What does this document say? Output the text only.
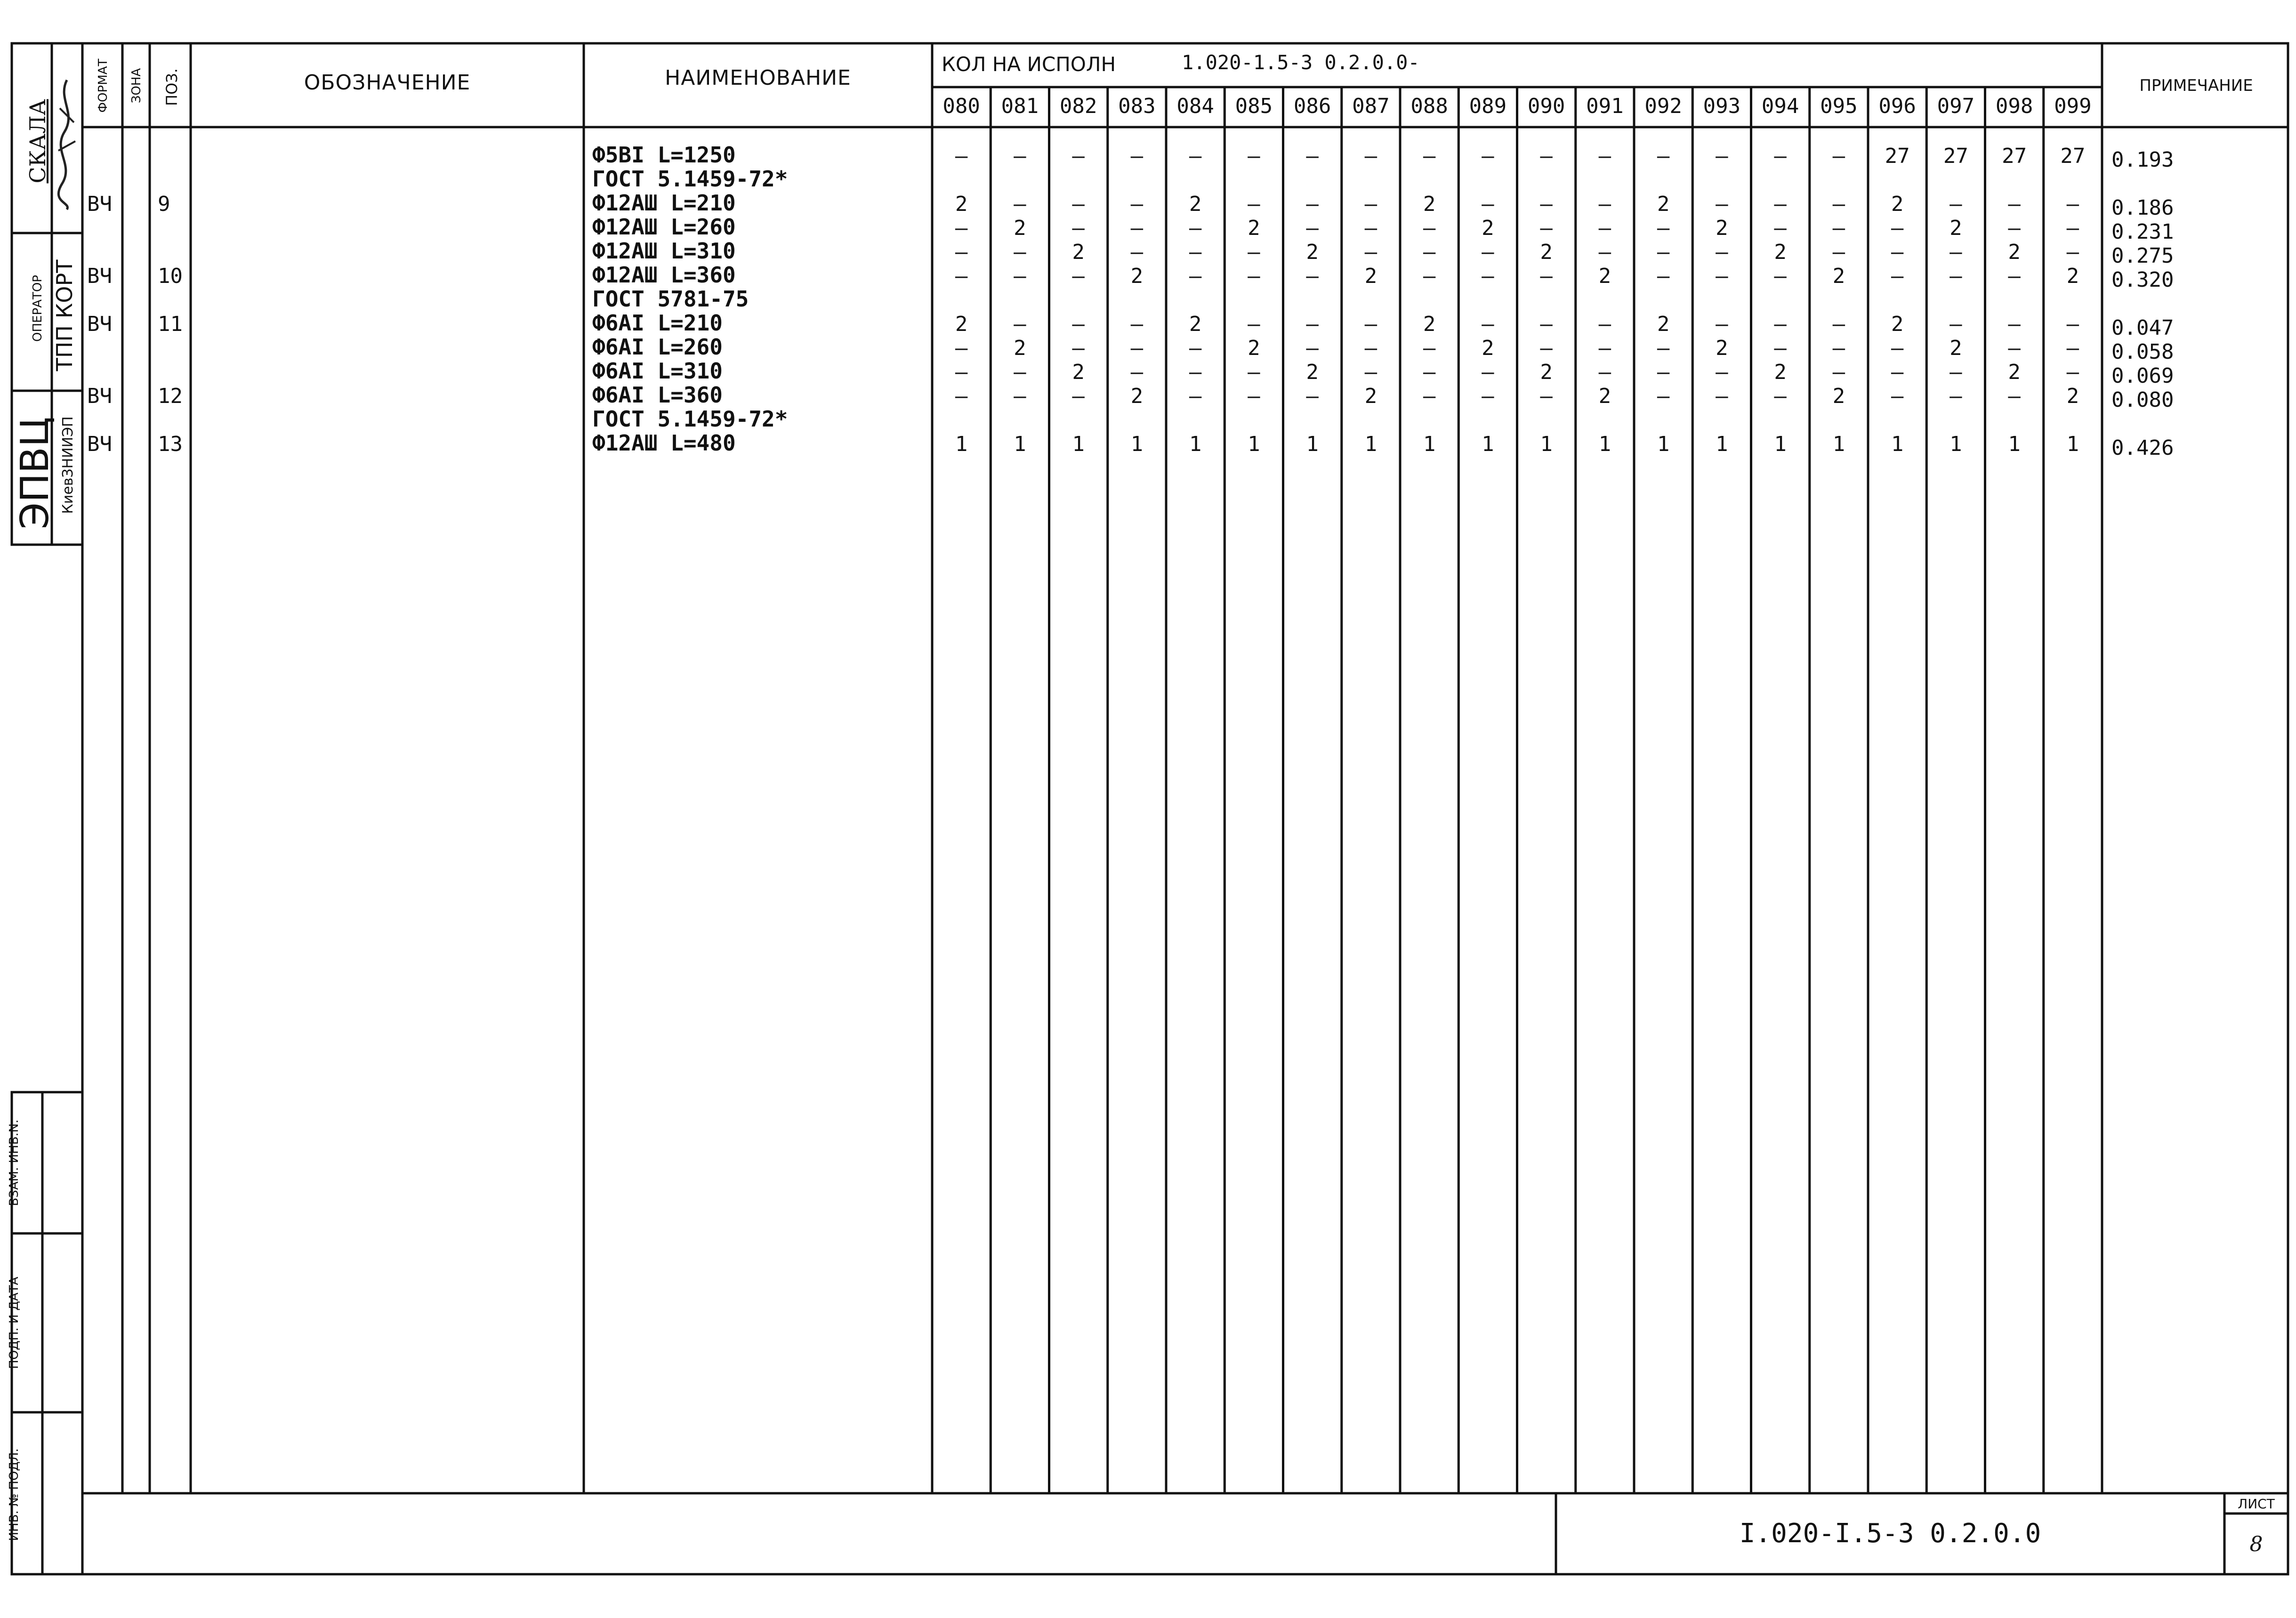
СКАЛА
ОПЕРАТОР ТПП КОРТ
ЭПВЦ КиевЗНИИЭП
ВЗАМ. ИНВ.N.
ПОДП. И ДАТА
ИНВ. № ПОДЛ.
ФОРМАТ ЗОНА ПОЗ.	ОБОЗНАЧЕНИЕ	НАИМЕНОВАНИЕ
КОЛ НА ИСПОЛН	1.020-1.5-3 0.2.0.0-
ПРИМЕЧАНИЕ
080	081	082	083	084	085	086	087	088	089	090	091	092	093	094	095	096	097	098	099
Ф5ВI L=1250	–	–	–	–	–	–	–	–	–	–	–	–	–	–	–	–	27	27	27	27	0.193
ГОСТ 5.1459-72*
ВЧ 9	Ф12АШ L=210	2	–	–	–	2	–	–	–	2	–	–	–	2	–	–	–	2	–	–	–	0.186
Ф12АШ L=260	–	2	–	–	–	2	–	–	–	2	–	–	–	2	–	–	–	2	–	–	0.231
Ф12АШ L=310	–	–	2	–	–	–	2	–	–	–	2	–	–	–	2	–	–	–	2	–	0.275
ВЧ 10	Ф12АШ L=360	–	–	–	2	–	–	–	2	–	–	–	2	–	–	–	2	–	–	–	2	0.320
ГОСТ 5781-75
ВЧ 11	Ф6АI L=210	2	–	–	–	2	–	–	–	2	–	–	–	2	–	–	–	2	–	–	–	0.047
Ф6АI L=260	–	2	–	–	–	2	–	–	–	2	–	–	–	2	–	–	–	2	–	–	0.058
Ф6АI L=310	–	–	2	–	–	–	2	–	–	–	2	–	–	–	2	–	–	–	2	–	0.069
ВЧ 12	Ф6АI L=360	–	–	–	2	–	–	–	2	–	–	–	2	–	–	–	2	–	–	–	2	0.080
ГОСТ 5.1459-72*
ВЧ 13	Ф12АШ L=480	1	1	1	1	1	1	1	1	1	1	1	1	1	1	1	1	1	1	1	1	0.426
I.020-I.5-3 0.2.0.0
ЛИСТ
8
